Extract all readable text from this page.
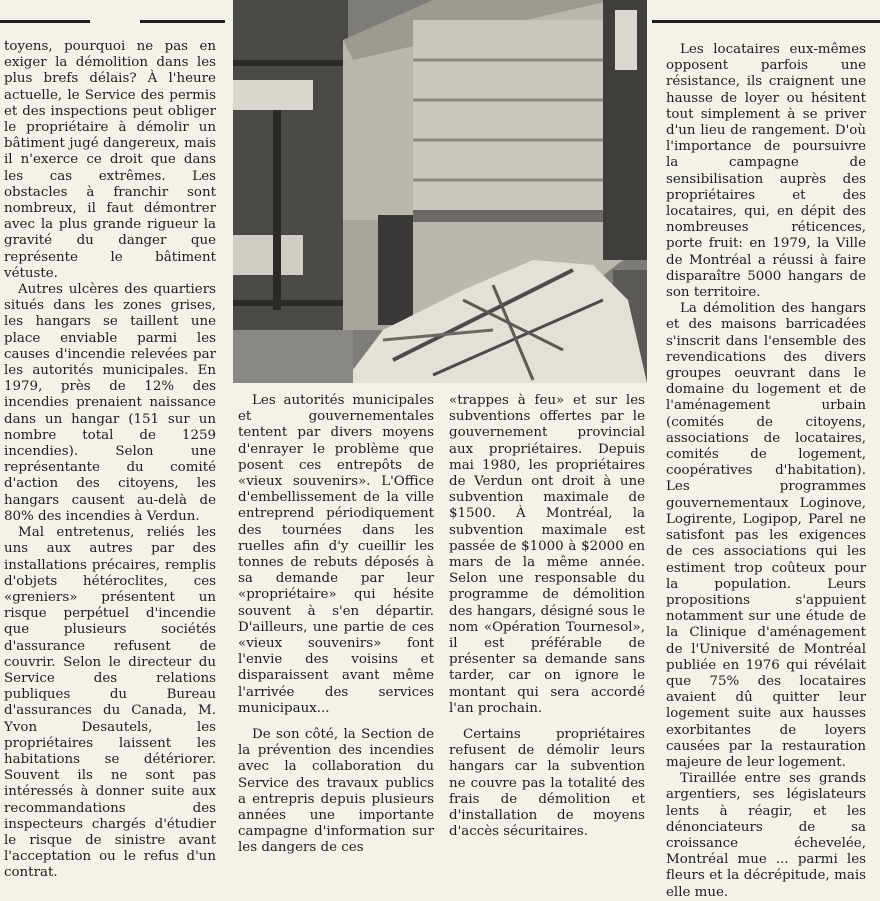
toyens, pourquoi ne pas en exiger la démolition dans les plus brefs délais? À l'heure actuelle, le Service des permis et des inspections peut obliger le propriétaire à démolir un bâtiment jugé dangereux, mais il n'exerce ce droit que dans les cas extrêmes. Les obstacles à franchir sont nombreux, il faut démontrer avec la plus grande rigueur la gravité du danger que représente le bâtiment vétuste.

Autres ulcères des quartiers situés dans les zones grises, les hangars se taillent une place enviable parmi les causes d'incendie relevées par les autorités municipales. En 1979, près de 12% des incendies prenaient naissance dans un hangar (151 sur un nombre total de 1259 incendies). Selon une représentante du comité d'action des citoyens, les hangars causent au-delà de 80% des incendies à Verdun.

Mal entretenus, reliés les uns aux autres par des installations précaires, remplis d'objets hétéroclites, ces «greniers» présentent un risque perpétuel d'incendie que plusieurs sociétés d'assurance refusent de couvrir. Selon le directeur du Service des relations publiques du Bureau d'assurances du Canada, M. Yvon Desautels, les propriétaires laissent les habitations se détériorer. Souvent ils ne sont pas intéressés à donner suite aux recommandations des inspecteurs chargés d'étudier le risque de sinistre avant l'acceptation ou le refus d'un contrat.

Les autorités municipales et gouvernementales tentent par divers moyens d'enrayer le problème que posent ces entrepôts de «vieux souvenirs». L'Office d'embellissement de la ville entreprend périodiquement des tournées dans les ruelles afin d'y cueillir les tonnes de rebuts déposés à sa demande par leur «propriétaire» qui hésite souvent à s'en départir. D'ailleurs, une partie de ces «vieux souvenirs» font l'envie des voisins et disparaissent avant même l'arrivée des services municipaux...

De son côté, la Section de la prévention des incendies avec la collaboration du Service des travaux publics a entrepris depuis plusieurs années une importante campagne d'information sur les dangers de ces

«trappes à feu» et sur les subventions offertes par le gouvernement provincial aux propriétaires. Depuis mai 1980, les propriétaires de Verdun ont droit à une subvention maximale de $1500. À Montréal, la subvention maximale est passée de $1000 à $2000 en mars de la même année. Selon une responsable du programme de démolition des hangars, désigné sous le nom «Opération Tournesol», il est préférable de présenter sa demande sans tarder, car on ignore le montant qui sera accordé l'an prochain.

Certains propriétaires refusent de démolir leurs hangars car la subvention ne couvre pas la totalité des frais de démolition et d'installation de moyens d'accès sécuritaires.

Les locataires eux-mêmes opposent parfois une résistance, ils craignent une hausse de loyer ou hésitent tout simplement à se priver d'un lieu de rangement. D'où l'importance de poursuivre la campagne de sensibilisation auprès des propriétaires et des locataires, qui, en dépit des nombreuses réticences, porte fruit: en 1979, la Ville de Montréal a réussi à faire disparaître 5000 hangars de son territoire.

La démolition des hangars et des maisons barricadées s'inscrit dans l'ensemble des revendications des divers groupes oeuvrant dans le domaine du logement et de l'aménagement urbain (comités de citoyens, associations de locataires, comités de logement, coopératives d'habitation). Les programmes gouvernementaux Loginove, Logirente, Logipop, Parel ne satisfont pas les exigences de ces associations qui les estiment trop coûteux pour la population. Leurs propositions s'appuient notamment sur une étude de la Clinique d'aménagement de l'Université de Montréal publiée en 1976 qui révélait que 75% des locataires avaient dû quitter leur logement suite aux hausses exorbitantes de loyers causées par la restauration majeure de leur logement.

Tiraillée entre ses grands argentiers, ses législateurs lents à réagir, et les dénonciateurs de sa croissance échevelée, Montréal mue ... parmi les fleurs et la décrépitude, mais elle mue.
